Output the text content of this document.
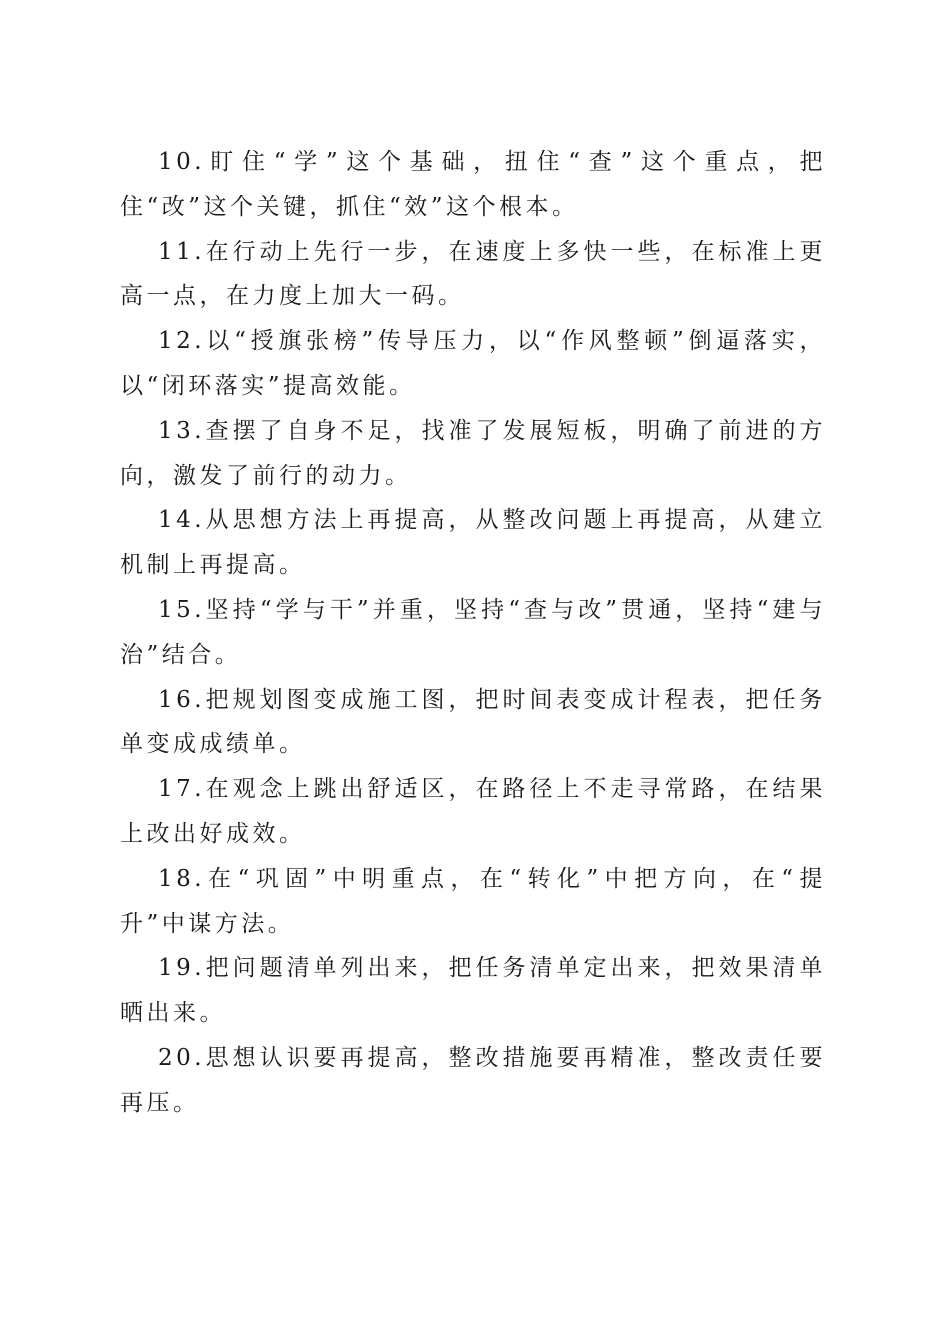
10.盯住“学”这个基础，扭住“查”这个重点，把住“改”这个关键，抓住“效”这个根本。

11.在行动上先行一步，在速度上多快一些，在标准上更高一点，在力度上加大一码。

12.以“授旗张榜”传导压力，以“作风整顿”倒逼落实，以“闭环落实”提高效能。

13.查摆了自身不足，找准了发展短板，明确了前进的方向，激发了前行的动力。

14.从思想方法上再提高，从整改问题上再提高，从建立机制上再提高。

15.坚持“学与干”并重，坚持“查与改”贯通，坚持“建与治”结合。

16.把规划图变成施工图，把时间表变成计程表，把任务单变成成绩单。

17.在观念上跳出舒适区，在路径上不走寻常路，在结果上改出好成效。

18.在“巩固”中明重点，在“转化”中把方向，在“提升”中谋方法。

19.把问题清单列出来，把任务清单定出来，把效果清单晒出来。

20.思想认识要再提高，整改措施要再精准，整改责任要再压。
